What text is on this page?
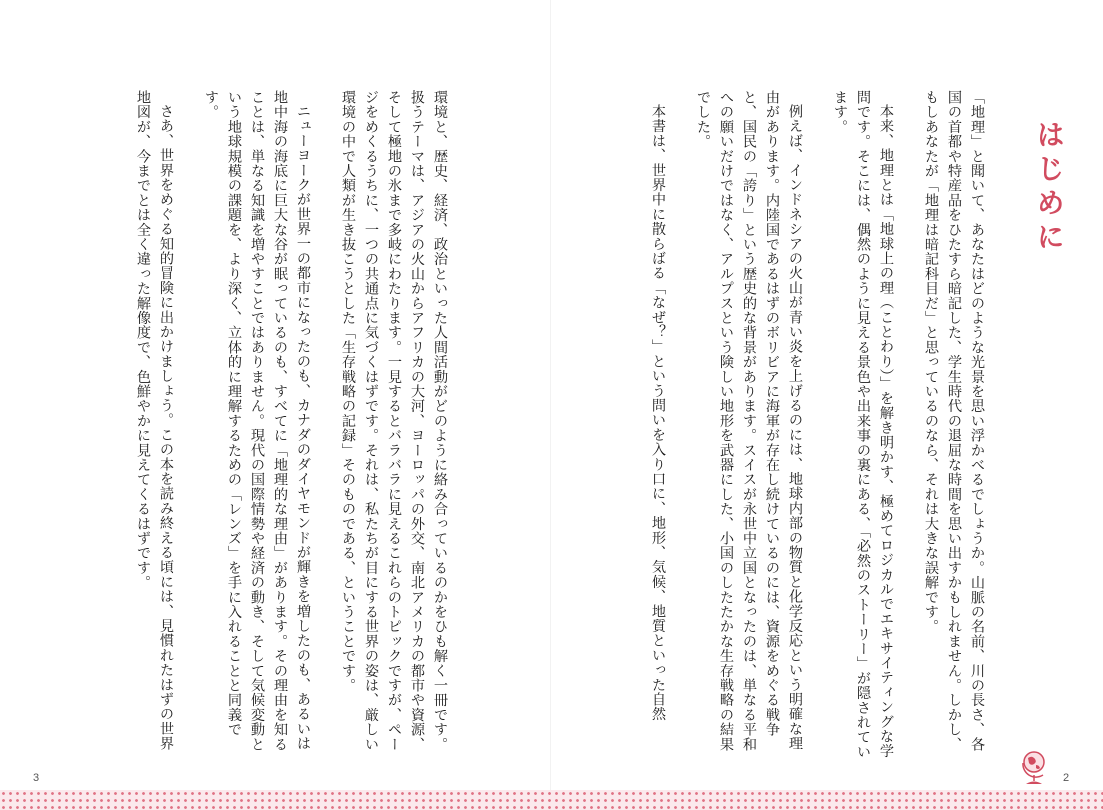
はじめに

「地理」と聞いて、あなたはどのような光景を思い浮かべるでしょうか。山脈の名前、川の長さ、各国の首都や特産品をひたすら暗記した、学生時代の退屈な時間を思い出すかもしれません。しかし、もしあなたが「地理は暗記科目だ」と思っているのなら、それは大きな誤解です。

本来、地理とは「地球上の理（ことわり）」を解き明かす、極めてロジカルでエキサイティングな学問です。そこには、偶然のように見える景色や出来事の裏にある、「必然のストーリー」が隠されています。

例えば、インドネシアの火山が青い炎を上げるのには、地球内部の物質と化学反応という明確な理由があります。内陸国であるはずのボリビアに海軍が存在し続けているのには、資源をめぐる戦争と、国民の「誇り」という歴史的な背景があります。スイスが永世中立国となったのは、単なる平和への願いだけではなく、アルプスという険しい地形を武器にした、小国のしたたかな生存戦略の結果でした。

本書は、世界中に散らばる「なぜ？」という問いを入り口に、地形、気候、地質といった自然

環境と、歴史、経済、政治といった人間活動がどのように絡み合っているのかをひも解く一冊です。扱うテーマは、アジアの火山からアフリカの大河、ヨーロッパの外交、南北アメリカの都市や資源、そして極地の氷まで多岐にわたります。一見するとバラバラに見えるこれらのトピックですが、ページをめくるうちに、一つの共通点に気づくはずです。それは、私たちが目にする世界の姿は、厳しい環境の中で人類が生き抜こうとした「生存戦略の記録」そのものである、ということです。

ニューヨークが世界一の都市になったのも、カナダのダイヤモンドが輝きを増したのも、あるいは地中海の海底に巨大な谷が眠っているのも、すべてに「地理的な理由」があります。その理由を知ることは、単なる知識を増やすことではありません。現代の国際情勢や経済の動き、そして気候変動という地球規模の課題を、より深く、立体的に理解するための「レンズ」を手に入れることと同義です。

さあ、世界をめぐる知的冒険に出かけましょう。この本を読み終える頃には、見慣れたはずの世界地図が、今までとは全く違った解像度で、色鮮やかに見えてくるはずです。

3	2
